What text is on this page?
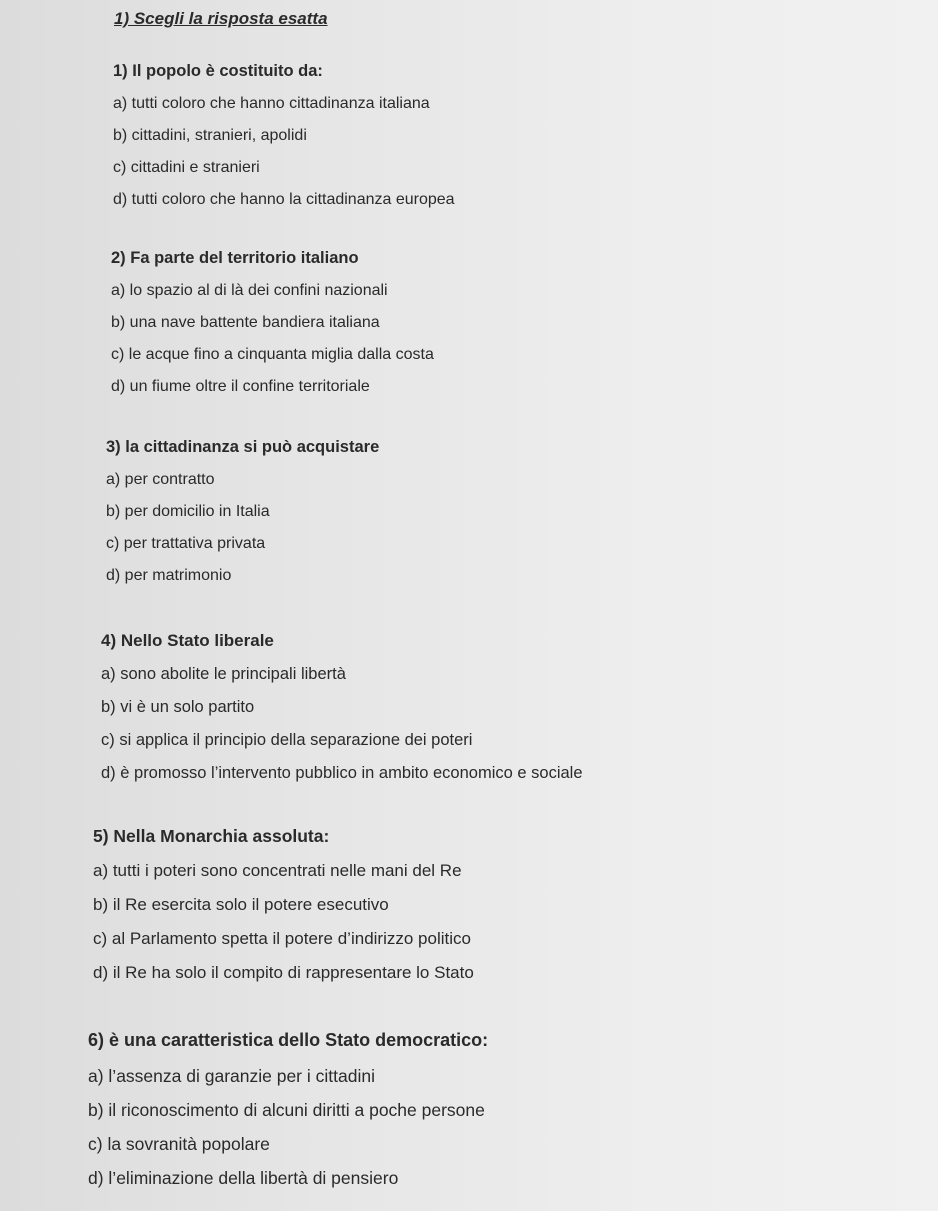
1) Scegli la risposta esatta
1) Il popolo è costituito da:
a) tutti coloro che hanno cittadinanza italiana
b) cittadini, stranieri, apolidi
c) cittadini e stranieri
d) tutti coloro che hanno la cittadinanza europea
2) Fa parte del territorio italiano
a) lo spazio al di là dei confini nazionali
b) una nave battente bandiera italiana
c) le acque fino a cinquanta miglia dalla costa
d) un fiume oltre il confine territoriale
3) la cittadinanza si può acquistare
a) per contratto
b) per domicilio in Italia
c) per trattativa privata
d) per matrimonio
4) Nello Stato liberale
a) sono abolite le principali libertà
b) vi è un solo partito
c) si applica il principio della separazione dei poteri
d) è promosso l’intervento pubblico in ambito economico e sociale
5) Nella Monarchia assoluta:
a) tutti i poteri sono concentrati nelle mani del Re
b) il Re esercita solo il potere esecutivo
c) al Parlamento spetta il potere d’indirizzo politico
d) il Re ha solo il compito di rappresentare lo Stato
6) è una caratteristica dello Stato democratico:
a) l’assenza di garanzie per i cittadini
b) il riconoscimento di alcuni diritti a poche persone
c) la sovranità popolare
d) l’eliminazione della libertà di pensiero
